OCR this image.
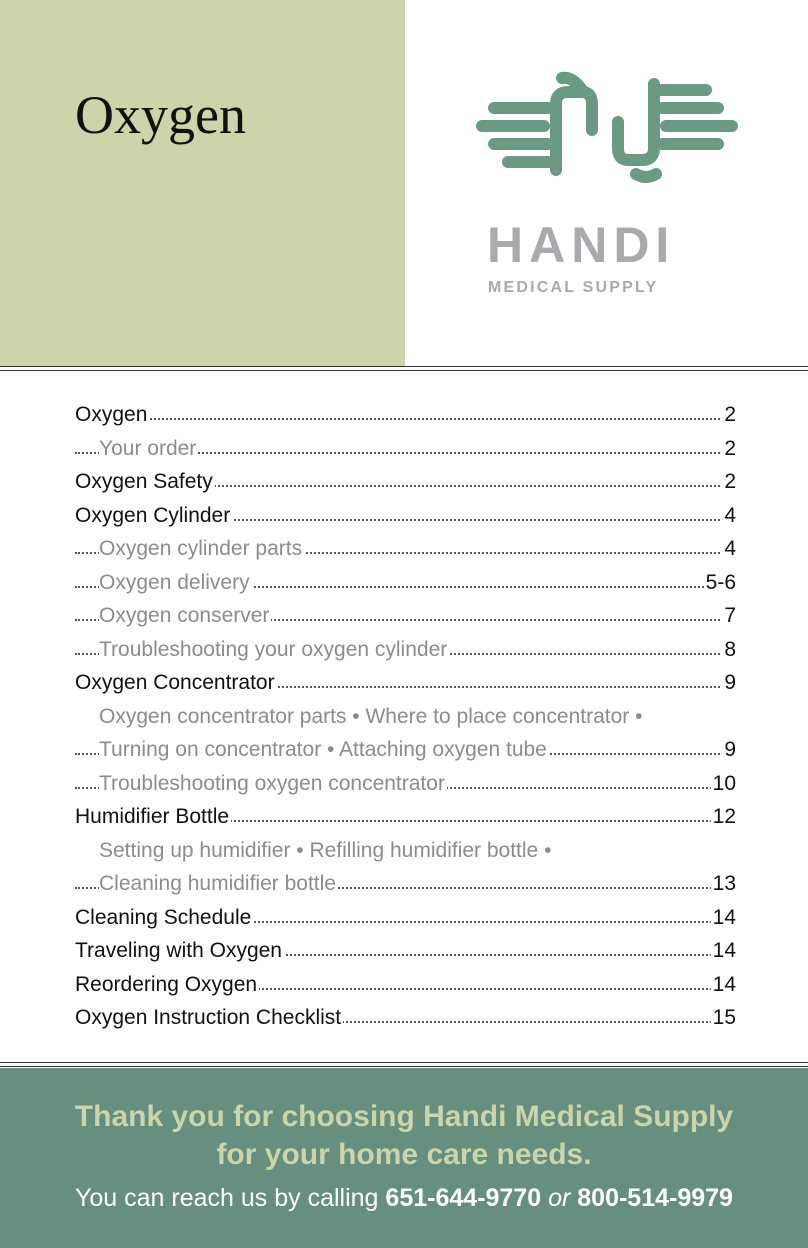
Oxygen
HANDI
MEDICAL SUPPLY
Oxygen	2
Your order	2
Oxygen Safety	2
Oxygen Cylinder	4
Oxygen cylinder parts	4
Oxygen delivery	5-6
Oxygen conserver	7
Troubleshooting your oxygen cylinder	8
Oxygen Concentrator	9
Oxygen concentrator parts • Where to place concentrator •
Turning on concentrator • Attaching oxygen tube	9
Troubleshooting oxygen concentrator	10
Humidifier Bottle	12
Setting up humidifier • Refilling humidifier bottle •
Cleaning humidifier bottle	13
Cleaning Schedule	14
Traveling with Oxygen	14
Reordering Oxygen	14
Oxygen Instruction Checklist	15
Thank you for choosing Handi Medical Supply
for your home care needs.
You can reach us by calling 651-644-9770 or 800-514-9979
